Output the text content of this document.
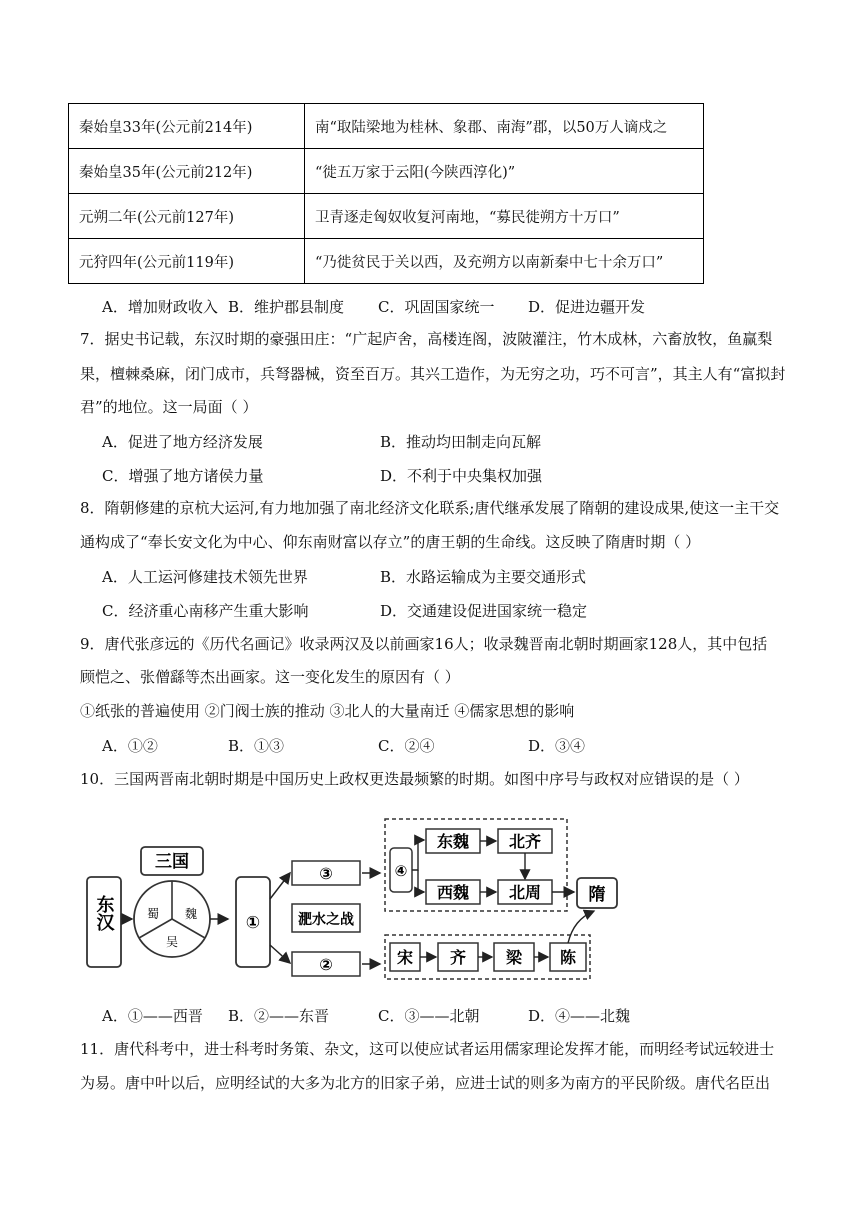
秦始皇33年(公元前214年)	南“取陆梁地为桂林、象郡、南海”郡，以50万人谪戍之
秦始皇35年(公元前212年)	“徙五万家于云阳(今陕西淳化)”
元朔二年(公元前127年)	卫青逐走匈奴收复河南地，“募民徙朔方十万口”
元狩四年(公元前119年)	“乃徙贫民于关以西，及充朔方以南新秦中七十余万口”
A．增加财政收入 B．维护郡县制度 C．巩固国家统一 D．促进边疆开发
7．据史书记载，东汉时期的豪强田庄：“广起庐舍，高楼连阁，波陂灌注，竹木成林，六畜放牧，鱼赢梨
果，檀棘桑麻，闭门成市，兵弩器械，资至百万。其兴工造作，为无穷之功，巧不可言”，其主人有“富拟封
君”的地位。这一局面（ ）
A．促进了地方经济发展	B．推动均田制走向瓦解
C．增强了地方诸侯力量	D．不利于中央集权加强
8．隋朝修建的京杭大运河,有力地加强了南北经济文化联系;唐代继承发展了隋朝的建设成果,使这一主干交
通构成了“奉长安文化为中心、仰东南财富以存立”的唐王朝的生命线。这反映了隋唐时期（ ）
A．人工运河修建技术领先世界	B．水路运输成为主要交通形式
C．经济重心南移产生重大影响	D．交通建设促进国家统一稳定
9．唐代张彦远的《历代名画记》收录两汉及以前画家16人；收录魏晋南北朝时期画家128人，其中包括
顾恺之、张僧繇等杰出画家。这一变化发生的原因有（ ）
①纸张的普遍使用 ②门阀士族的推动 ③北人的大量南迁 ④儒家思想的影响
A．①②	B．①③	C．②④	D．③④
10．三国两晋南北朝时期是中国历史上政权更迭最频繁的时期。如图中序号与政权对应错误的是（ ）
东汉
三国
蜀 魏
吴
①
③
淝水之战
②
④
东魏 北齐
西魏 北周	隋
宋 齐 梁 陈
A．①——西晋 B．②——东晋	C．③——北朝	D．④——北魏
11．唐代科考中，进士科考时务策、杂文，这可以使应试者运用儒家理论发挥才能，而明经考试远较进士
为易。唐中叶以后，应明经试的大多为北方的旧家子弟，应进士试的则多为南方的平民阶级。唐代名臣出
